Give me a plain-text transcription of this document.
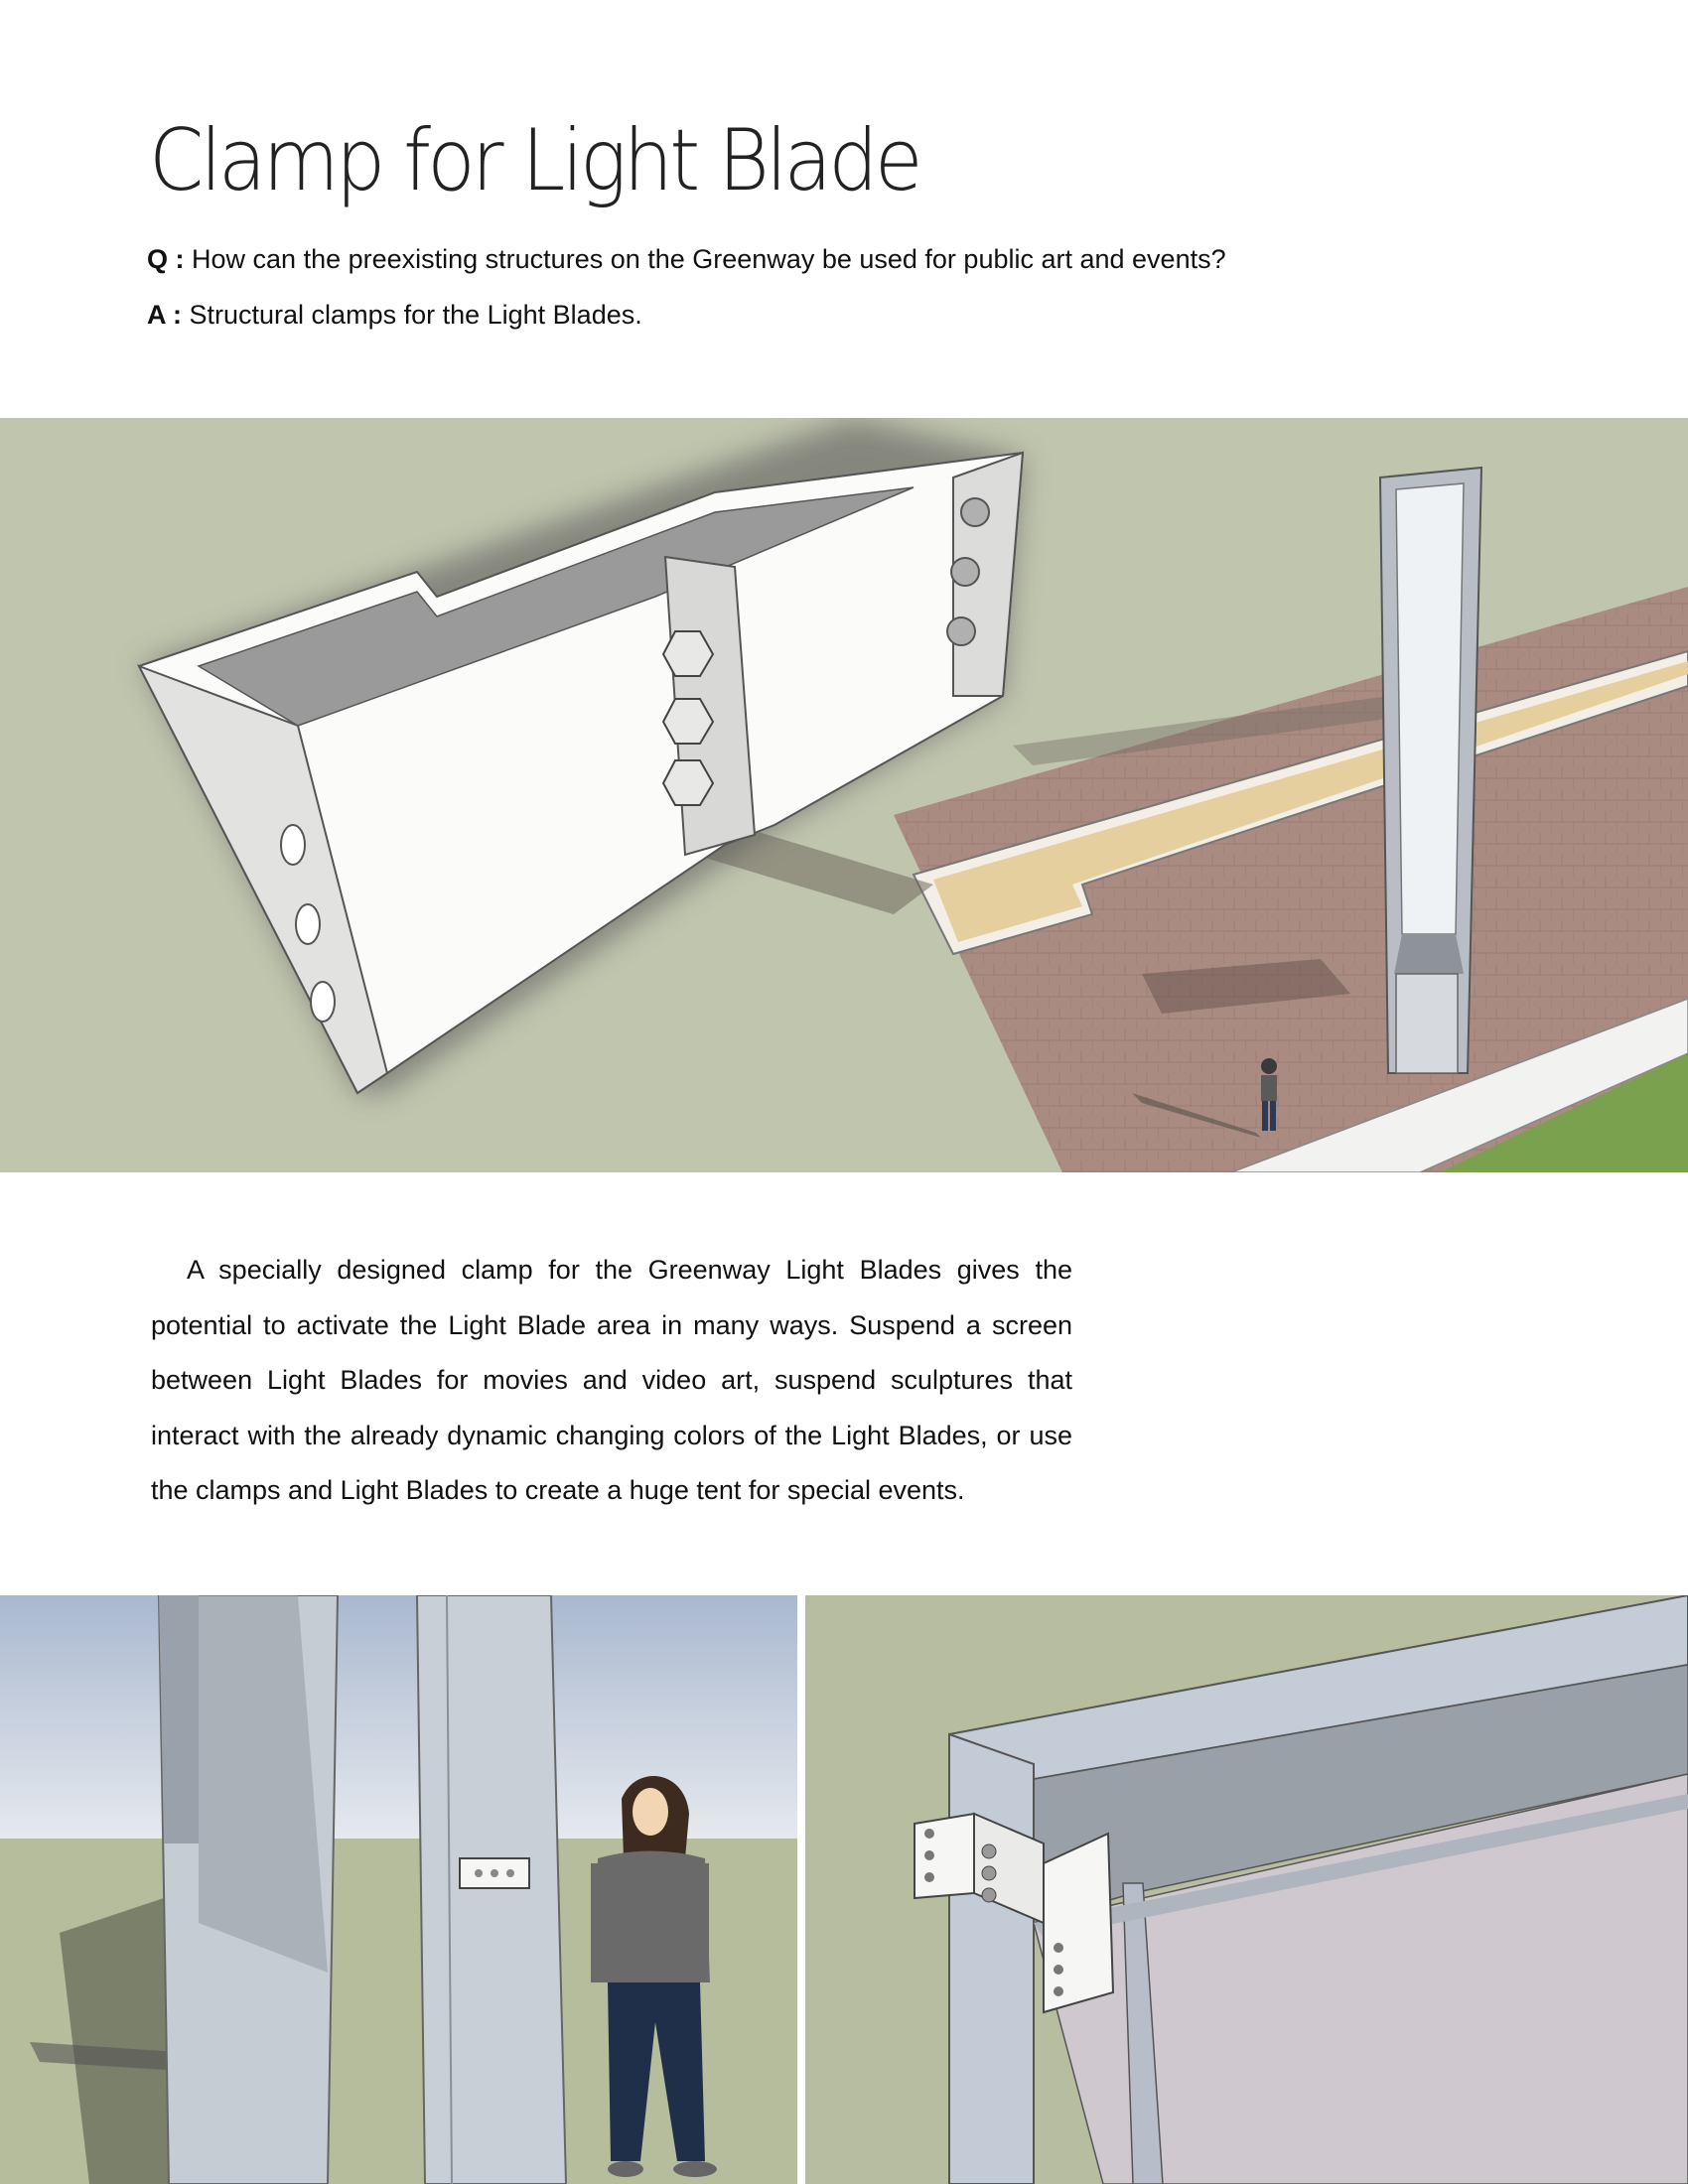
Clamp for Light Blade
Q : How can the preexisting structures on the Greenway be used for public art and events?
A : Structural clamps for the Light Blades.

A specially designed clamp for the Greenway Light Blades gives the potential to activate the Light Blade area in many ways. Suspend a screen between Light Blades for movies and video art, suspend sculptures that interact with the already dynamic changing colors of the Light Blades, or use the clamps and Light Blades to create a huge tent for special events.
